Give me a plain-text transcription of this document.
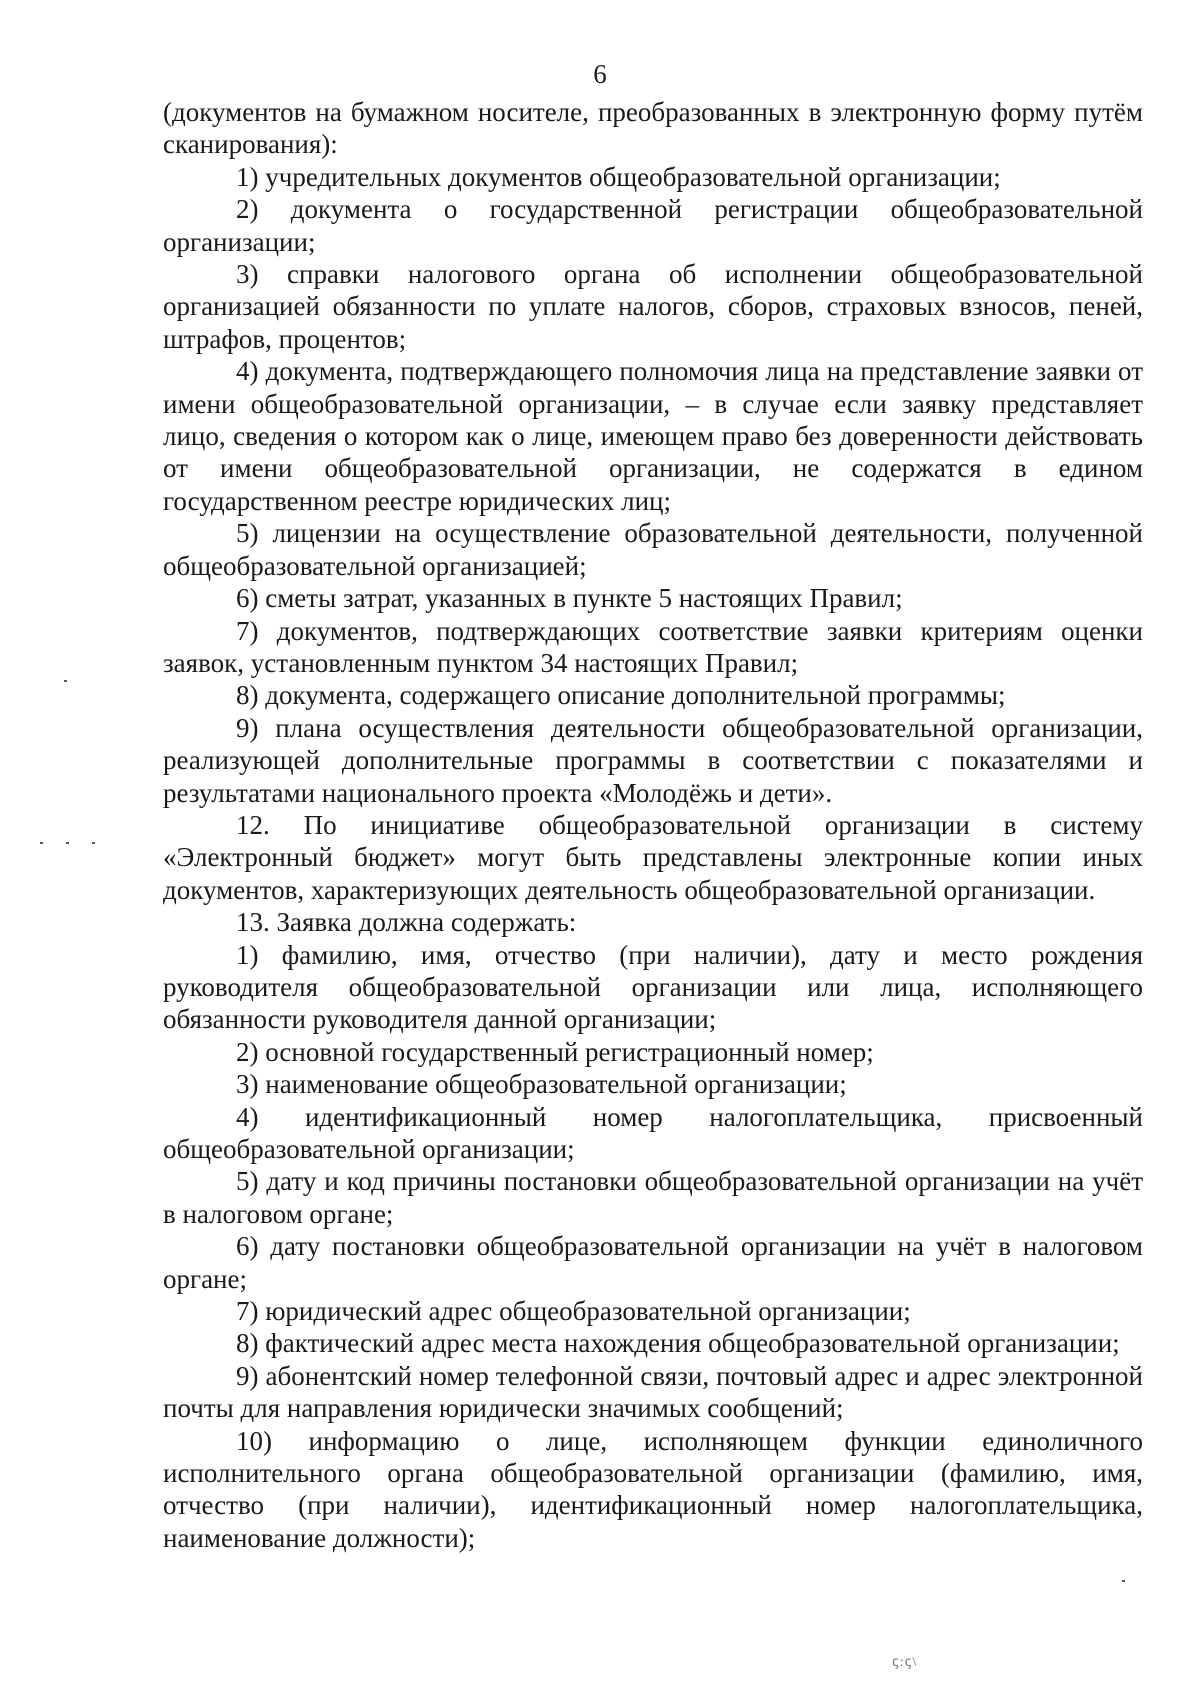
6

(документов на бумажном носителе, преобразованных в электронную форму путём сканирования):

1) учредительных документов общеобразовательной организации;

2) документа о государственной регистрации общеобразовательной организации;

3) справки налогового органа об исполнении общеобразовательной организацией обязанности по уплате налогов, сборов, страховых взносов, пеней, штрафов, процентов;

4) документа, подтверждающего полномочия лица на представление заявки от имени общеобразовательной организации, – в случае если заявку представляет лицо, сведения о котором как о лице, имеющем право без доверенности действовать от имени общеобразовательной организации, не содержатся в едином государственном реестре юридических лиц;

5) лицензии на осуществление образовательной деятельности, полученной общеобразовательной организацией;

6) сметы затрат, указанных в пункте 5 настоящих Правил;

7) документов, подтверждающих соответствие заявки критериям оценки заявок, установленным пунктом 34 настоящих Правил;

8) документа, содержащего описание дополнительной программы;

9) плана осуществления деятельности общеобразовательной организации, реализующей дополнительные программы в соответствии с показателями и результатами национального проекта «Молодёжь и дети».

12. По инициативе общеобразовательной организации в систему «Электронный бюджет» могут быть представлены электронные копии иных документов, характеризующих деятельность общеобразовательной организации.

13. Заявка должна содержать:

1) фамилию, имя, отчество (при наличии), дату и место рождения руководителя общеобразовательной организации или лица, исполняющего обязанности руководителя данной организации;

2) основной государственный регистрационный номер;

3) наименование общеобразовательной организации;

4) идентификационный номер налогоплательщика, присвоенный общеобразовательной организации;

5) дату и код причины постановки общеобразовательной организации на учёт в налоговом органе;

6) дату постановки общеобразовательной организации на учёт в налоговом органе;

7) юридический адрес общеобразовательной организации;

8) фактический адрес места нахождения общеобразовательной организации;

9) абонентский номер телефонной связи, почтовый адрес и адрес электронной почты для направления юридически значимых сообщений;

10) информацию о лице, исполняющем функции единоличного исполнительного органа общеобразовательной организации (фамилию, имя, отчество (при наличии), идентификационный номер налогоплательщика, наименование должности);

ꞔ:ꞔ\
